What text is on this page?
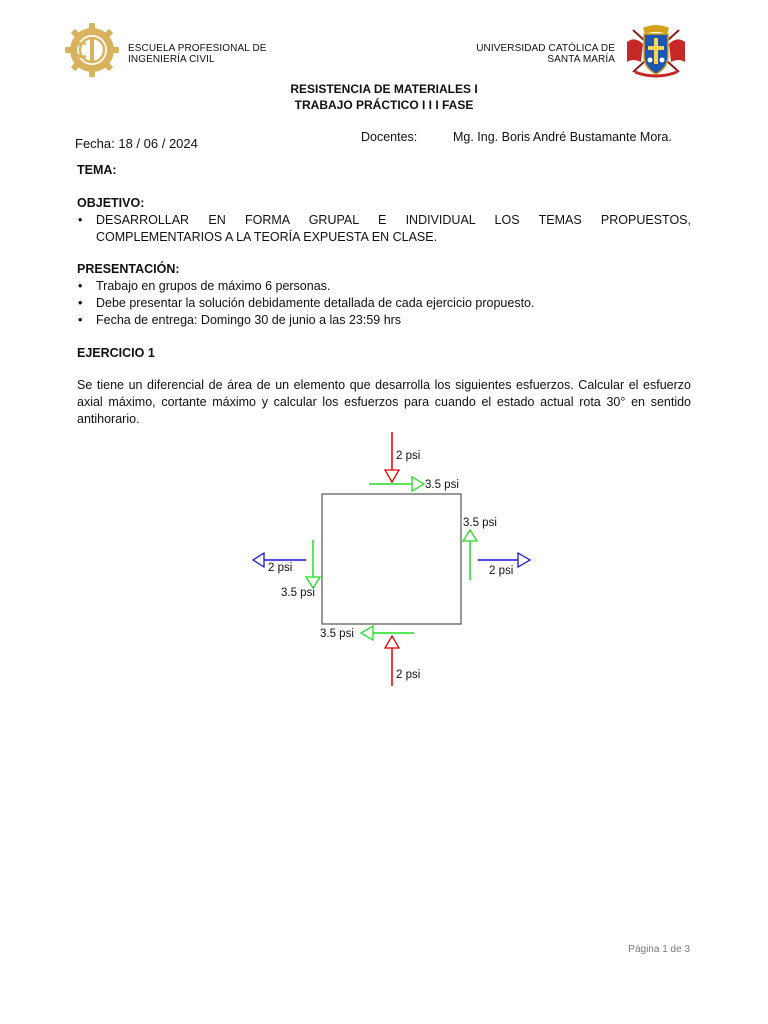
ESCUELA PROFESIONAL DE
INGENIERÍA CIVIL
UNIVERSIDAD CATÓLICA DE
SANTA MARÍA
RESISTENCIA DE MATERIALES I
TRABAJO PRÁCTICO I I I FASE
Fecha: 18 / 06 / 2024	Docentes:	Mg. Ing. Boris André Bustamante Mora.
TEMA:
OBJETIVO:
• DESARROLLAR EN FORMA GRUPAL E INDIVIDUAL LOS TEMAS PROPUESTOS, COMPLEMENTARIOS A LA TEORÍA EXPUESTA EN CLASE.
PRESENTACIÓN:
• Trabajo en grupos de máximo 6 personas.
• Debe presentar la solución debidamente detallada de cada ejercicio propuesto.
• Fecha de entrega: Domingo 30 de junio a las 23:59 hrs
EJERCICIO 1
Se tiene un diferencial de área de un elemento que desarrolla los siguientes esfuerzos. Calcular el esfuerzo axial máximo, cortante máximo y calcular los esfuerzos para cuando el estado actual rota 30° en sentido antihorario.
2 psi
3.5 psi
3.5 psi
2 psi
2 psi
3.5 psi
3.5 psi
2 psi
Página 1 de 3
